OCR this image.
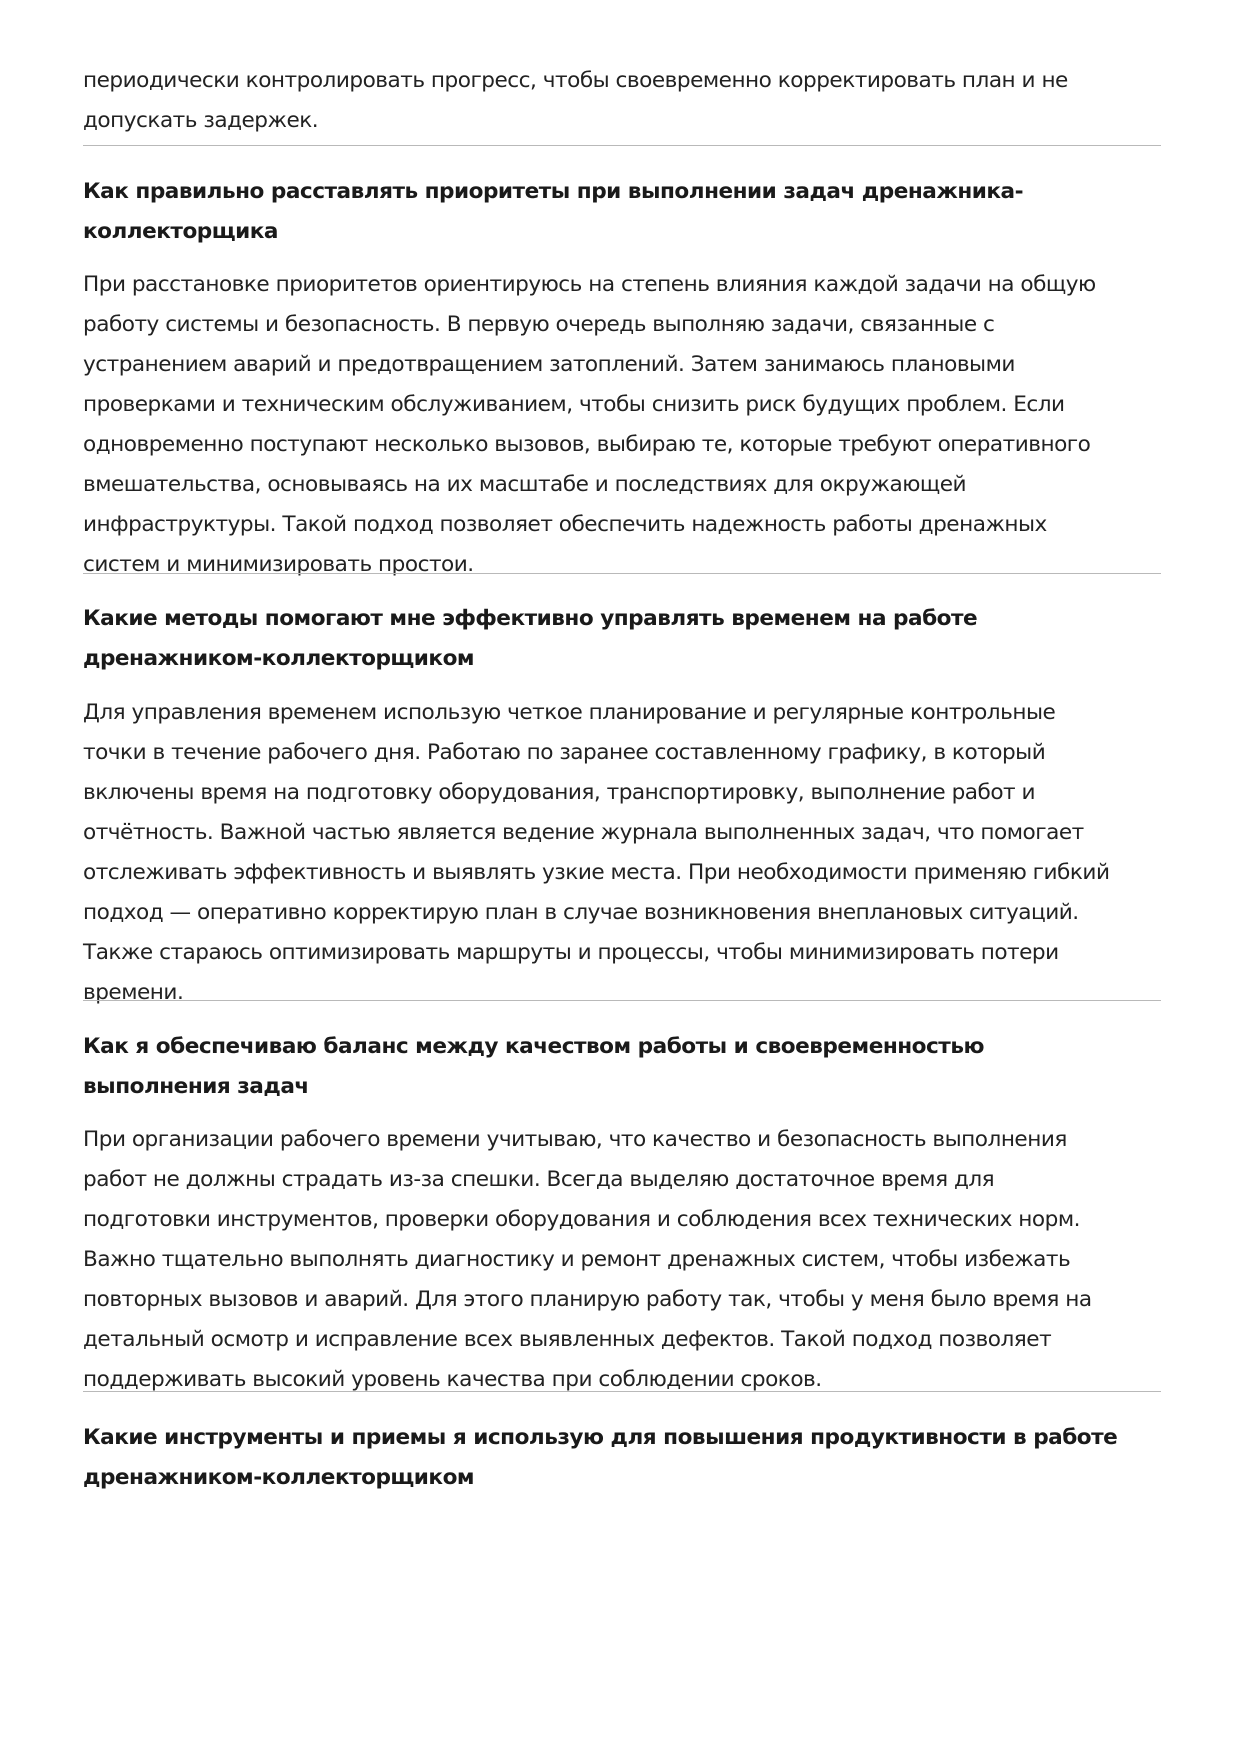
периодически контролировать прогресс, чтобы своевременно корректировать план и не
допускать задержек.

Как правильно расставлять приоритеты при выполнении задач дренажника-
коллекторщика

При расстановке приоритетов ориентируюсь на степень влияния каждой задачи на общую
работу системы и безопасность. В первую очередь выполняю задачи, связанные с
устранением аварий и предотвращением затоплений. Затем занимаюсь плановыми
проверками и техническим обслуживанием, чтобы снизить риск будущих проблем. Если
одновременно поступают несколько вызовов, выбираю те, которые требуют оперативного
вмешательства, основываясь на их масштабе и последствиях для окружающей
инфраструктуры. Такой подход позволяет обеспечить надежность работы дренажных
систем и минимизировать простои.

Какие методы помогают мне эффективно управлять временем на работе
дренажником-коллекторщиком

Для управления временем использую четкое планирование и регулярные контрольные
точки в течение рабочего дня. Работаю по заранее составленному графику, в который
включены время на подготовку оборудования, транспортировку, выполнение работ и
отчётность. Важной частью является ведение журнала выполненных задач, что помогает
отслеживать эффективность и выявлять узкие места. При необходимости применяю гибкий
подход — оперативно корректирую план в случае возникновения внеплановых ситуаций.
Также стараюсь оптимизировать маршруты и процессы, чтобы минимизировать потери
времени.

Как я обеспечиваю баланс между качеством работы и своевременностью
выполнения задач

При организации рабочего времени учитываю, что качество и безопасность выполнения
работ не должны страдать из-за спешки. Всегда выделяю достаточное время для
подготовки инструментов, проверки оборудования и соблюдения всех технических норм.
Важно тщательно выполнять диагностику и ремонт дренажных систем, чтобы избежать
повторных вызовов и аварий. Для этого планирую работу так, чтобы у меня было время на
детальный осмотр и исправление всех выявленных дефектов. Такой подход позволяет
поддерживать высокий уровень качества при соблюдении сроков.

Какие инструменты и приемы я использую для повышения продуктивности в работе
дренажником-коллекторщиком
